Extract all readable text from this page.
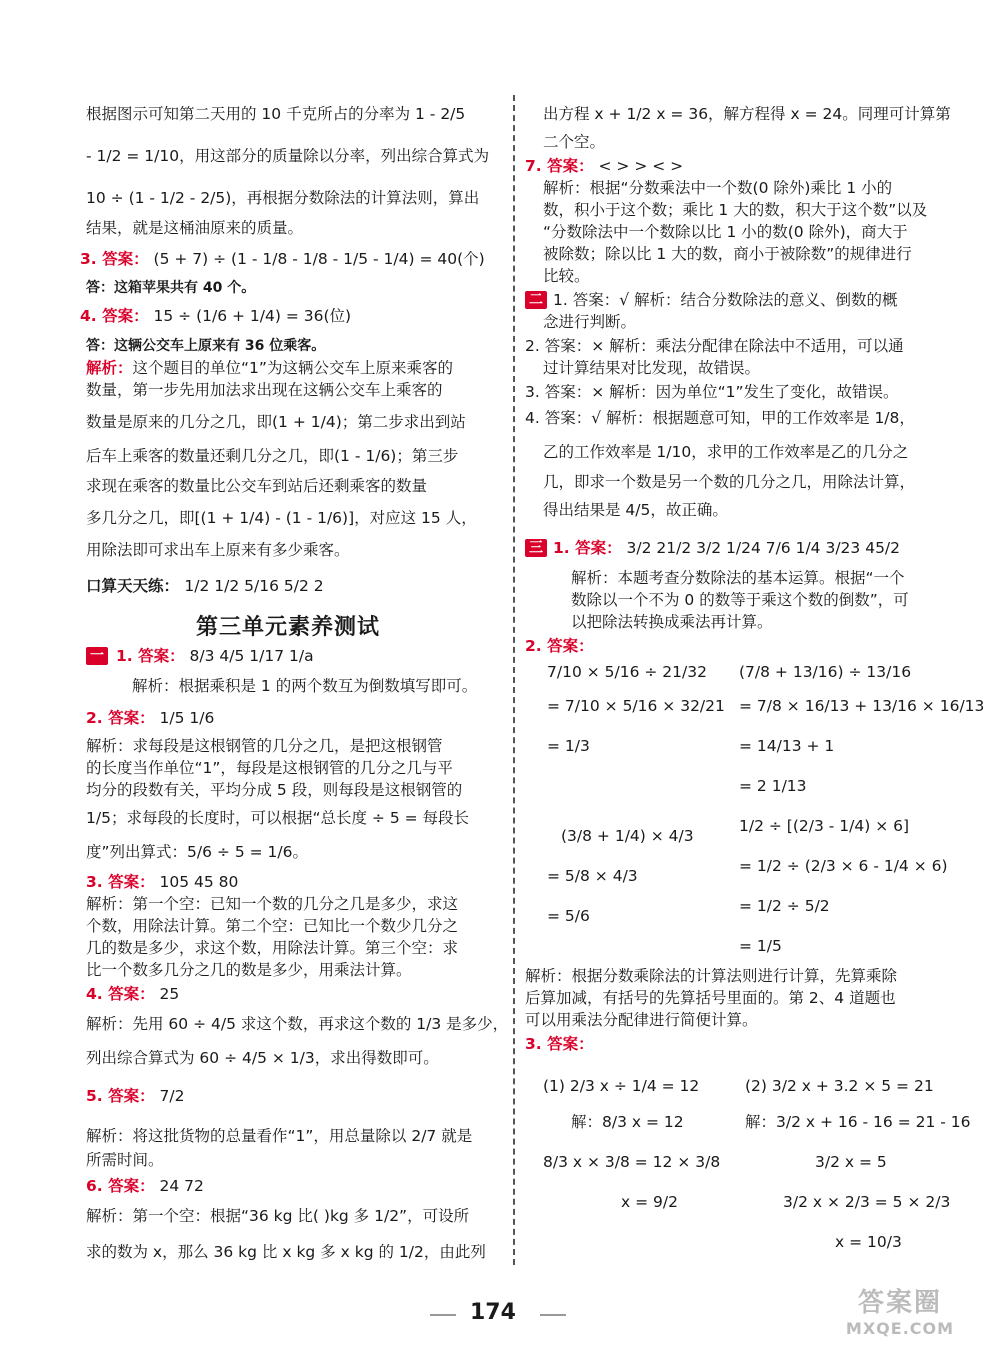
根据图示可知第二天用的 10 千克所占的分率为 1 - 2/5
- 1/2 = 1/10，用这部分的质量除以分率，列出综合算式为
10 ÷ (1 - 1/2 - 2/5)，再根据分数除法的计算法则，算出
结果，就是这桶油原来的质量。
3. 答案： (5 + 7) ÷ (1 - 1/8 - 1/8 - 1/5 - 1/4) = 40(个)
答：这箱苹果共有 40 个。
4. 答案： 15 ÷ (1/6 + 1/4) = 36(位)
答：这辆公交车上原来有 36 位乘客。
解析：这个题目的单位“1”为这辆公交车上原来乘客的
数量，第一步先用加法求出现在这辆公交车上乘客的
数量是原来的几分之几，即(1 + 1/4)；第二步求出到站
后车上乘客的数量还剩几分之几，即(1 - 1/6)；第三步
求现在乘客的数量比公交车到站后还剩乘客的数量
多几分之几，即[(1 + 1/4) - (1 - 1/6)]，对应这 15 人，
用除法即可求出车上原来有多少乘客。
口算天天练： 1/2 1/2 5/16 5/2 2
第三单元素养测试
一 1. 答案： 8/3 4/5 1/17 1/a
解析：根据乘积是 1 的两个数互为倒数填写即可。
2. 答案： 1/5 1/6
解析：求每段是这根钢管的几分之几，是把这根钢管
的长度当作单位“1”，每段是这根钢管的几分之几与平
均分的段数有关，平均分成 5 段，则每段是这根钢管的
1/5；求每段的长度时，可以根据“总长度 ÷ 5 = 每段长
度”列出算式：5/6 ÷ 5 = 1/6。
3. 答案： 105 45 80
解析：第一个空：已知一个数的几分之几是多少，求这
个数，用除法计算。第二个空：已知比一个数少几分之
几的数是多少，求这个数，用除法计算。第三个空：求
比一个数多几分之几的数是多少，用乘法计算。
4. 答案： 25
解析：先用 60 ÷ 4/5 求这个数，再求这个数的 1/3 是多少，
列出综合算式为 60 ÷ 4/5 × 1/3，求出得数即可。
5. 答案： 7/2
解析：将这批货物的总量看作“1”，用总量除以 2/7 就是
所需时间。
6. 答案： 24 72
解析：第一个空：根据“36 kg 比( )kg 多 1/2”，可设所
求的数为 x，那么 36 kg 比 x kg 多 x kg 的 1/2，由此列
出方程 x + 1/2 x = 36，解方程得 x = 24。同理可计算第
二个空。
7. 答案： < > > < >
解析：根据“分数乘法中一个数(0 除外)乘比 1 小的
数，积小于这个数；乘比 1 大的数，积大于这个数”以及
“分数除法中一个数除以比 1 小的数(0 除外)，商大于
被除数；除以比 1 大的数，商小于被除数”的规律进行
比较。
二 1. 答案：√ 解析：结合分数除法的意义、倒数的概
念进行判断。
2. 答案：× 解析：乘法分配律在除法中不适用，可以通
过计算结果对比发现，故错误。
3. 答案：× 解析：因为单位“1”发生了变化，故错误。
4. 答案：√ 解析：根据题意可知，甲的工作效率是 1/8，
乙的工作效率是 1/10，求甲的工作效率是乙的几分之
几，即求一个数是另一个数的几分之几，用除法计算，
得出结果是 4/5，故正确。
三 1. 答案： 3/2 21/2 3/2 1/24 7/6 1/4 3/23 45/2
解析：本题考查分数除法的基本运算。根据“一个
数除以一个不为 0 的数等于乘这个数的倒数”，可
以把除法转换成乘法再计算。
2. 答案：
7/10 × 5/16 ÷ 21/32
= 7/10 × 5/16 × 32/21
= 1/3
(7/8 + 13/16) ÷ 13/16
= 7/8 × 16/13 + 13/16 × 16/13
= 14/13 + 1
= 2 1/13
(3/8 + 1/4) × 4/3
= 5/8 × 4/3
= 5/6
1/2 ÷ [(2/3 - 1/4) × 6]
= 1/2 ÷ (2/3 × 6 - 1/4 × 6)
= 1/2 ÷ 5/2
= 1/5
解析：根据分数乘除法的计算法则进行计算，先算乘除
后算加减，有括号的先算括号里面的。第 2、4 道题也
可以用乘法分配律进行简便计算。
3. 答案：
(1) 2/3 x ÷ 1/4 = 12
解：8/3 x = 12
8/3 x × 3/8 = 12 × 3/8
x = 9/2
(2) 3/2 x + 3.2 × 5 = 21
解：3/2 x + 16 - 16 = 21 - 16
3/2 x = 5
3/2 x × 2/3 = 5 × 2/3
x = 10/3
174	答案圈
MXQE.COM
